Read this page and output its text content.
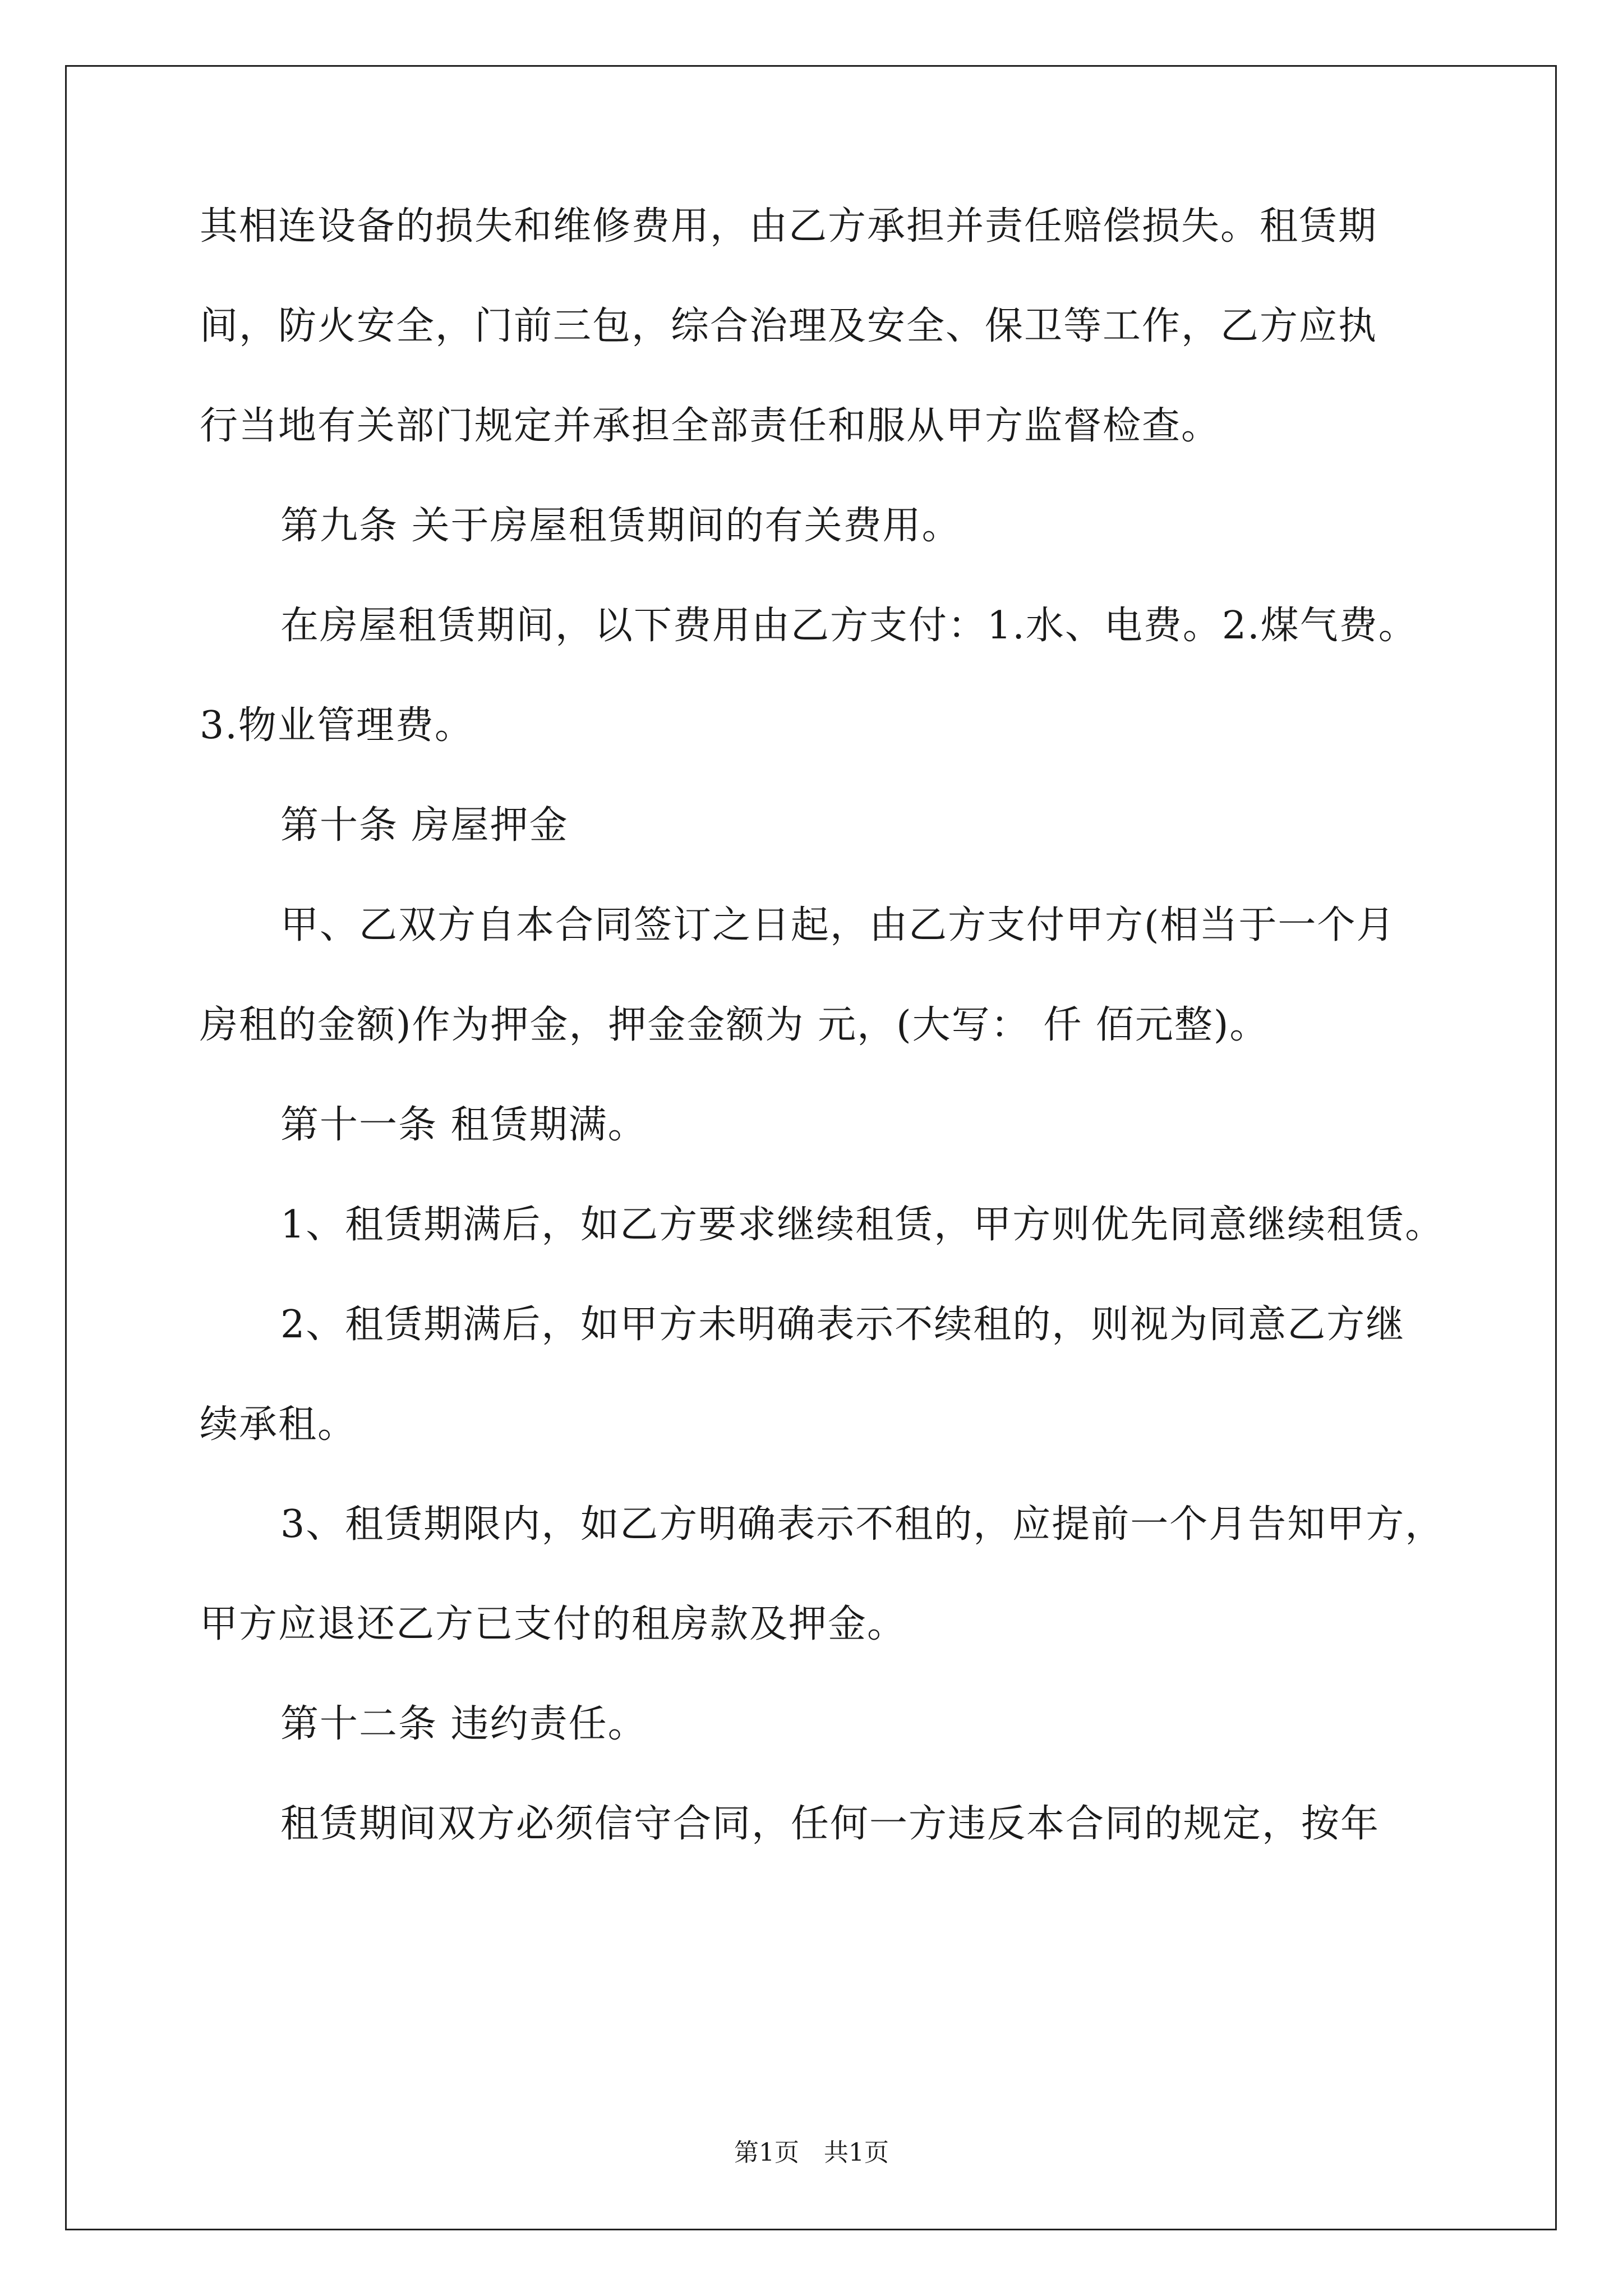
其相连设备的损失和维修费用，由乙方承担并责任赔偿损失。租赁期
间，防火安全，门前三包，综合治理及安全、保卫等工作，乙方应执
行当地有关部门规定并承担全部责任和服从甲方监督检查。
第九条 关于房屋租赁期间的有关费用。
在房屋租赁期间，以下费用由乙方支付：1.水、电费。2.煤气费。
3.物业管理费。
第十条 房屋押金
甲、乙双方自本合同签订之日起，由乙方支付甲方(相当于一个月
房租的金额)作为押金，押金金额为 元，(大写： 仟 佰元整)。
第十一条 租赁期满。
1、租赁期满后，如乙方要求继续租赁，甲方则优先同意继续租赁。
2、租赁期满后，如甲方未明确表示不续租的，则视为同意乙方继
续承租。
3、租赁期限内，如乙方明确表示不租的，应提前一个月告知甲方，
甲方应退还乙方已支付的租房款及押金。
第十二条 违约责任。
租赁期间双方必须信守合同，任何一方违反本合同的规定，按年
第1页　共1页
